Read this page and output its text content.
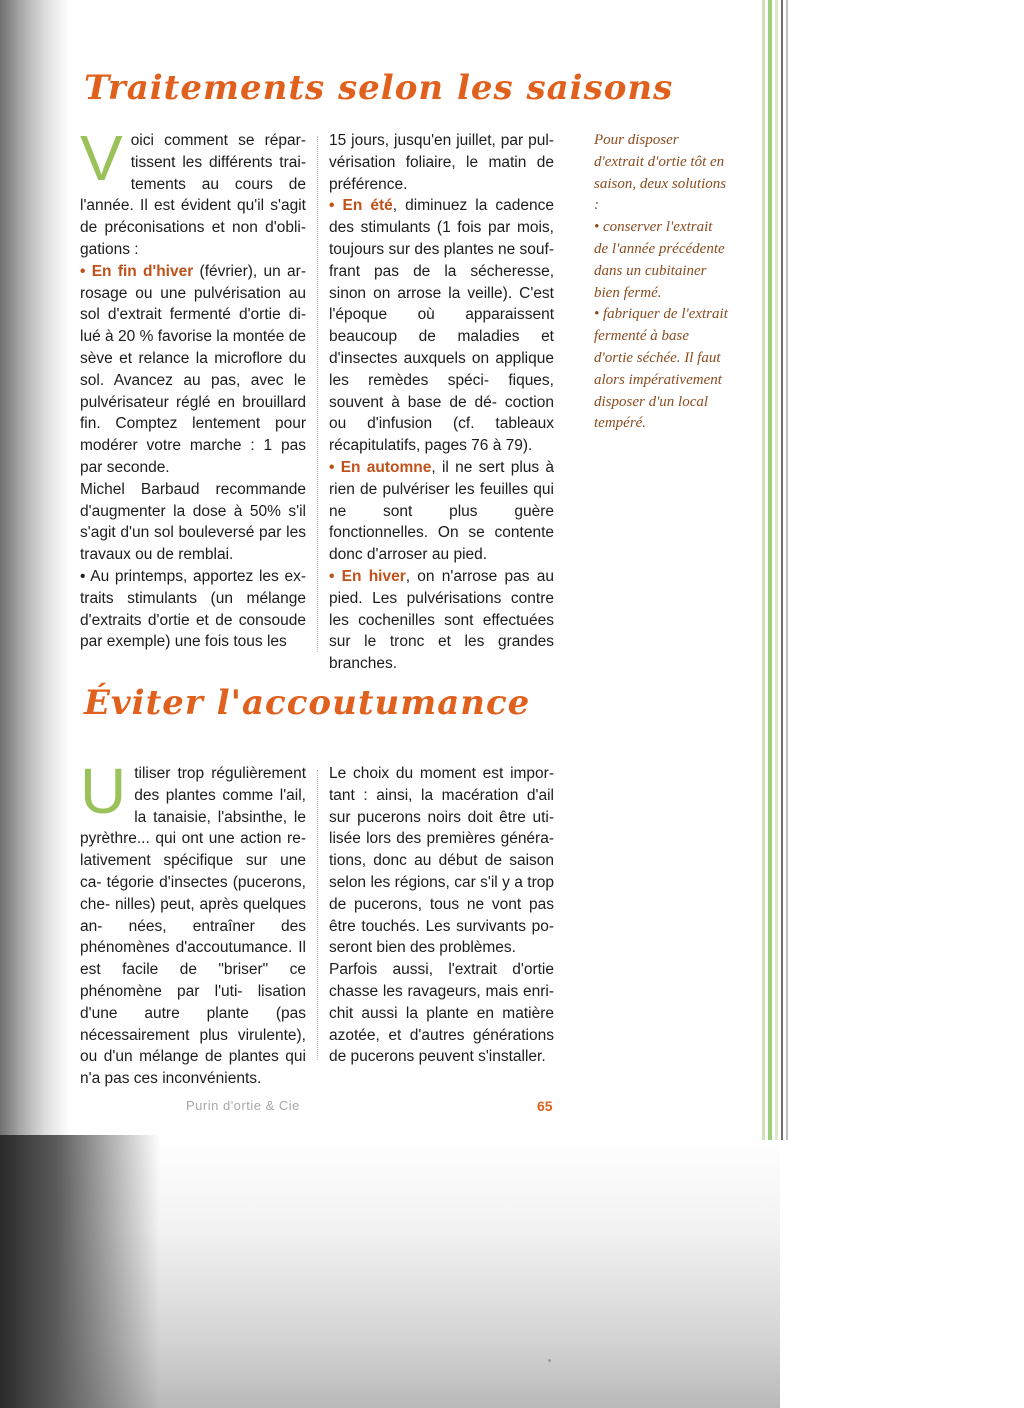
Traitements selon les saisons

Voici comment se répar- tissent les différents trai- tements au cours de l'année. Il est évident qu'il s'agit de préconisations et non d'obli- gations :

• En fin d'hiver (février), un ar- rosage ou une pulvérisation au sol d'extrait fermenté d'ortie di- lué à 20 % favorise la montée de sève et relance la microflore du sol. Avancez au pas, avec le pulvérisateur réglé en brouillard fin. Comptez lentement pour modérer votre marche : 1 pas par seconde.

Michel Barbaud recommande d'augmenter la dose à 50% s'il s'agit d'un sol bouleversé par les travaux ou de remblai.

• Au printemps, apportez les ex- traits stimulants (un mélange d'extraits d'ortie et de consoude par exemple) une fois tous les

15 jours, jusqu'en juillet, par pul- vérisation foliaire, le matin de préférence.

• En été, diminuez la cadence des stimulants (1 fois par mois, toujours sur des plantes ne souf- frant pas de la sécheresse, sinon on arrose la veille). C'est l'époque où apparaissent beaucoup de maladies et d'insectes auxquels on applique les remèdes spéci- fiques, souvent à base de dé- coction ou d'infusion (cf. tableaux récapitulatifs, pages 76 à 79).

• En automne, il ne sert plus à rien de pulvériser les feuilles qui ne sont plus guère fonctionnelles. On se contente donc d'arroser au pied.

• En hiver, on n'arrose pas au pied. Les pulvérisations contre les cochenilles sont effectuées sur le tronc et les grandes branches.

Pour disposer d'extrait d'ortie tôt en saison, deux solutions :

• conserver l'extrait de l'année précédente dans un cubitainer bien fermé.

• fabriquer de l'extrait fermenté à base d'ortie séchée. Il faut alors impérativement disposer d'un local tempéré.

Éviter l'accoutumance

Utiliser trop régulièrement des plantes comme l'ail, la tanaisie, l'absinthe, le pyrèthre... qui ont une action re- lativement spécifique sur une ca- tégorie d'insectes (pucerons, che- nilles) peut, après quelques an- nées, entraîner des phénomènes d'accoutumance. Il est facile de "briser" ce phénomène par l'uti- lisation d'une autre plante (pas nécessairement plus virulente), ou d'un mélange de plantes qui n'a pas ces inconvénients.

Le choix du moment est impor- tant : ainsi, la macération d'ail sur pucerons noirs doit être uti- lisée lors des premières généra- tions, donc au début de saison selon les régions, car s'il y a trop de pucerons, tous ne vont pas être touchés. Les survivants po- seront bien des problèmes.

Parfois aussi, l'extrait d'ortie chasse les ravageurs, mais enri- chit aussi la plante en matière azotée, et d'autres générations de pucerons peuvent s'installer.

Purin d'ortie & Cie	65
